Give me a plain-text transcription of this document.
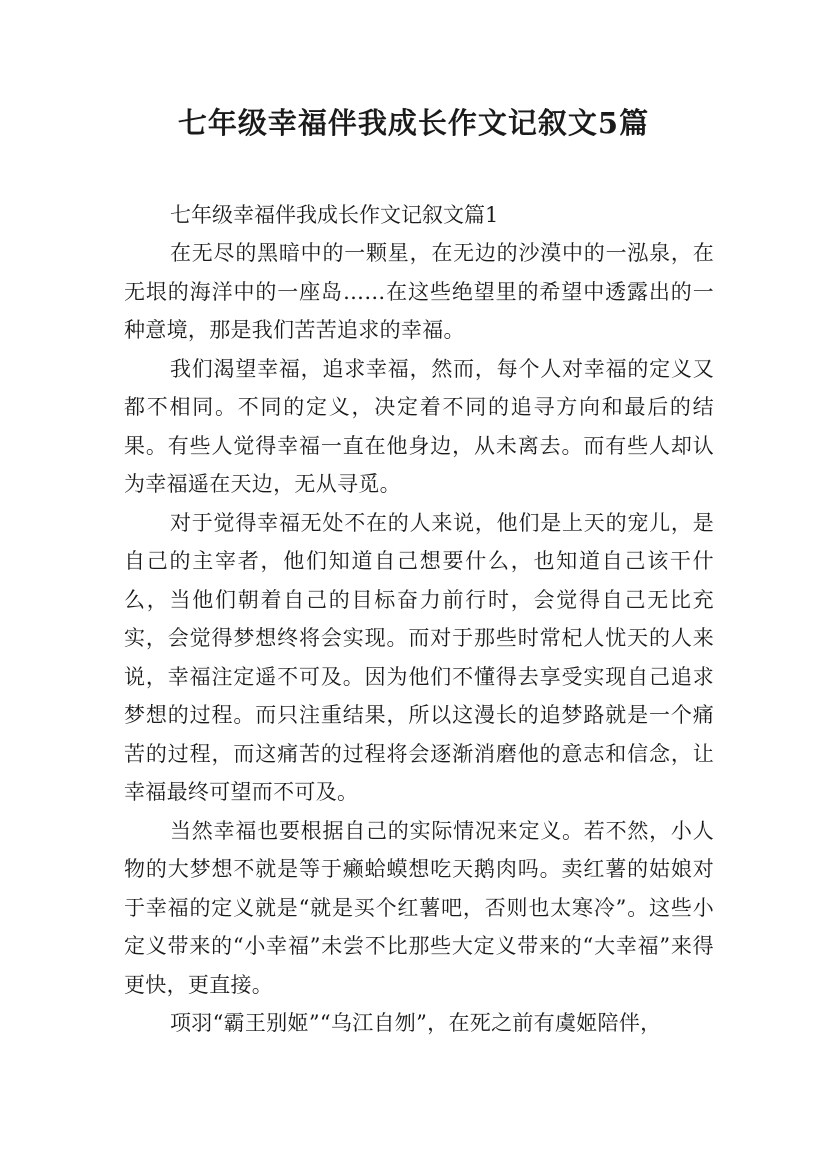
七年级幸福伴我成长作文记叙文5篇
七年级幸福伴我成长作文记叙文篇1

在无尽的黑暗中的一颗星，在无边的沙漠中的一泓泉，在无垠的海洋中的一座岛……在这些绝望里的希望中透露出的一种意境，那是我们苦苦追求的幸福。

我们渴望幸福，追求幸福，然而，每个人对幸福的定义又都不相同。不同的定义，决定着不同的追寻方向和最后的结果。有些人觉得幸福一直在他身边，从未离去。而有些人却认为幸福遥在天边，无从寻觅。

对于觉得幸福无处不在的人来说，他们是上天的宠儿，是自己的主宰者，他们知道自己想要什么，也知道自己该干什么，当他们朝着自己的目标奋力前行时，会觉得自己无比充实，会觉得梦想终将会实现。而对于那些时常杞人忧天的人来说，幸福注定遥不可及。因为他们不懂得去享受实现自己追求梦想的过程。而只注重结果，所以这漫长的追梦路就是一个痛苦的过程，而这痛苦的过程将会逐渐消磨他的意志和信念，让幸福最终可望而不可及。

当然幸福也要根据自己的实际情况来定义。若不然，小人物的大梦想不就是等于癞蛤蟆想吃天鹅肉吗。卖红薯的姑娘对于幸福的定义就是“就是买个红薯吧，否则也太寒冷”。这些小定义带来的“小幸福”未尝不比那些大定义带来的“大幸福”来得更快，更直接。

项羽“霸王别姬”“乌江自刎”，在死之前有虞姬陪伴，
